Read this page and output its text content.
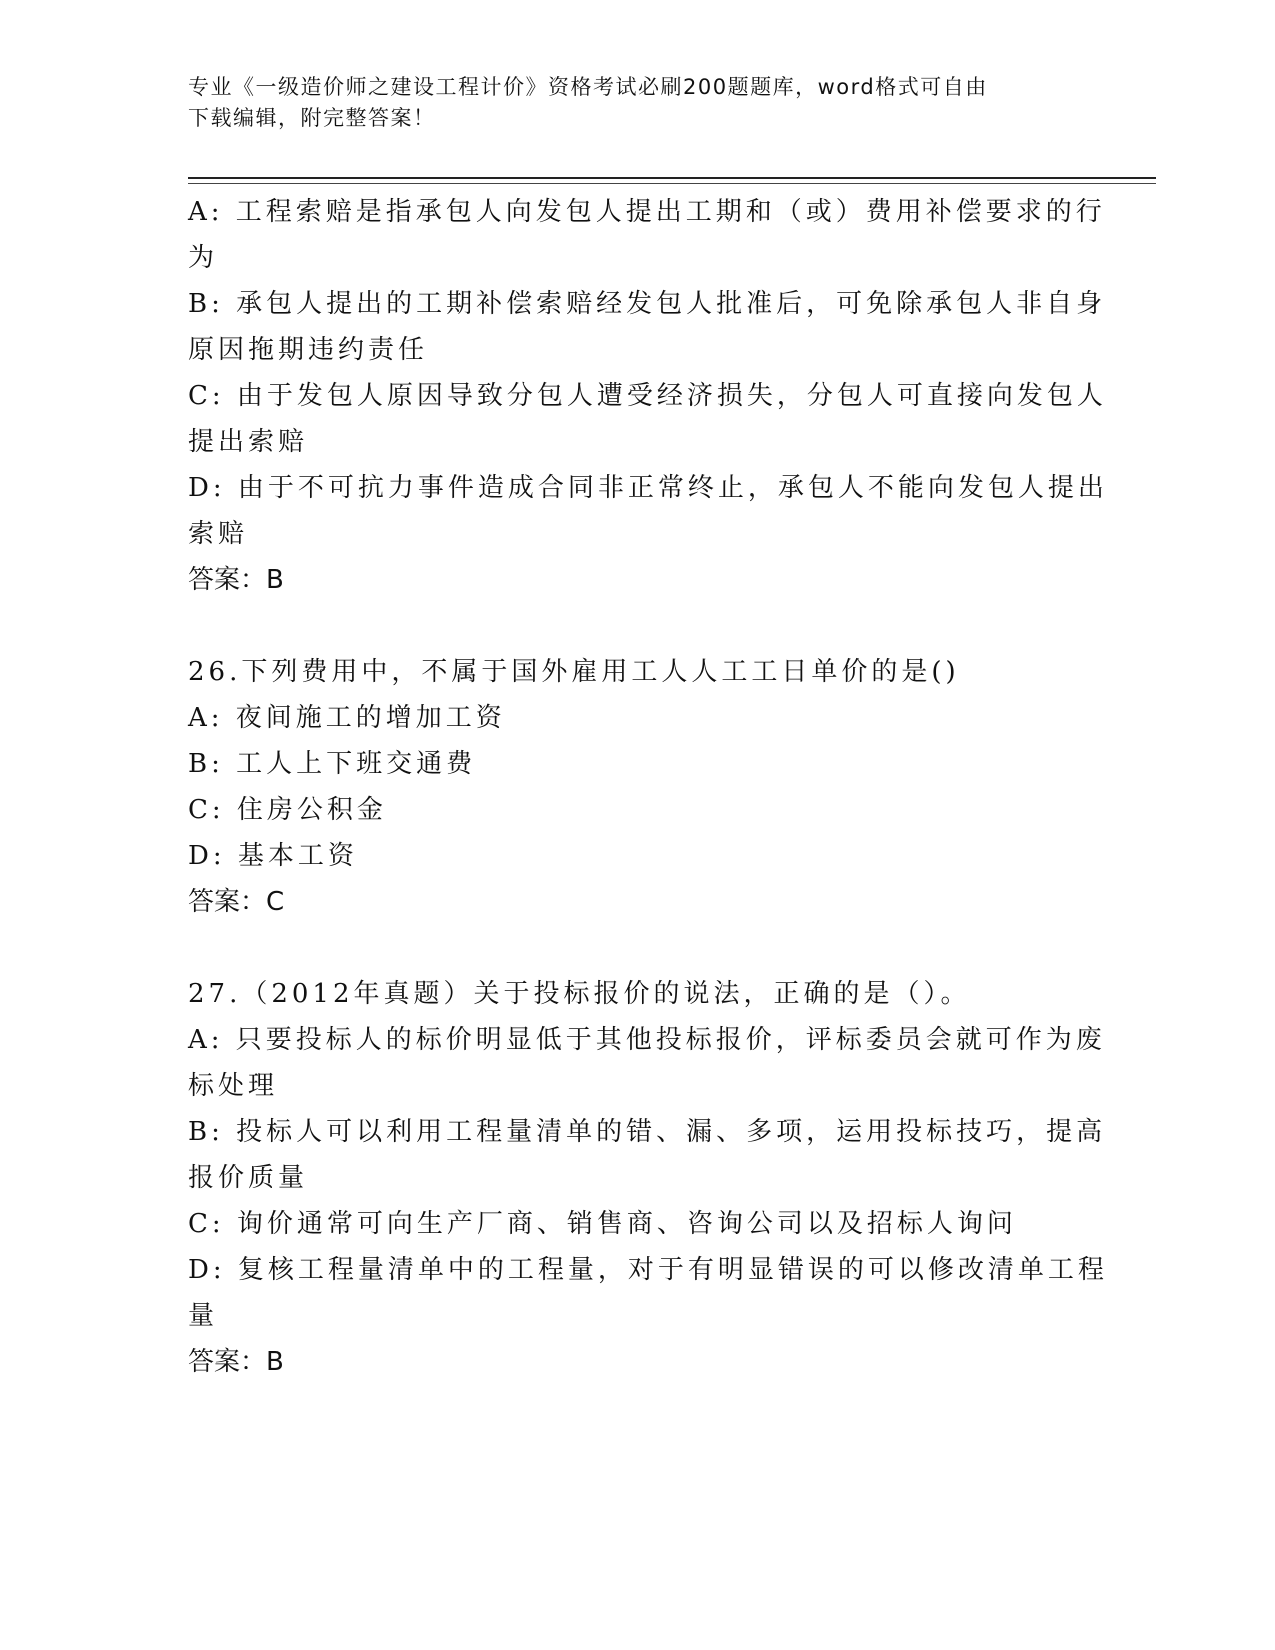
专业《一级造价师之建设工程计价》资格考试必刷200题题库，word格式可自由
下载编辑，附完整答案！

A: 工程索赔是指承包人向发包人提出工期和（或）费用补偿要求的行

为

B: 承包人提出的工期补偿索赔经发包人批准后，可免除承包人非自身

原因拖期违约责任

C: 由于发包人原因导致分包人遭受经济损失，分包人可直接向发包人

提出索赔

D: 由于不可抗力事件造成合同非正常终止，承包人不能向发包人提出

索赔

答案：B

26.下列费用中，不属于国外雇用工人人工工日单价的是()

A: 夜间施工的增加工资

B: 工人上下班交通费

C: 住房公积金

D: 基本工资

答案：C

27.（2012年真题）关于投标报价的说法，正确的是（）。

A: 只要投标人的标价明显低于其他投标报价，评标委员会就可作为废

标处理

B: 投标人可以利用工程量清单的错、漏、多项，运用投标技巧，提高

报价质量

C: 询价通常可向生产厂商、销售商、咨询公司以及招标人询问

D: 复核工程量清单中的工程量，对于有明显错误的可以修改清单工程

量

答案：B
